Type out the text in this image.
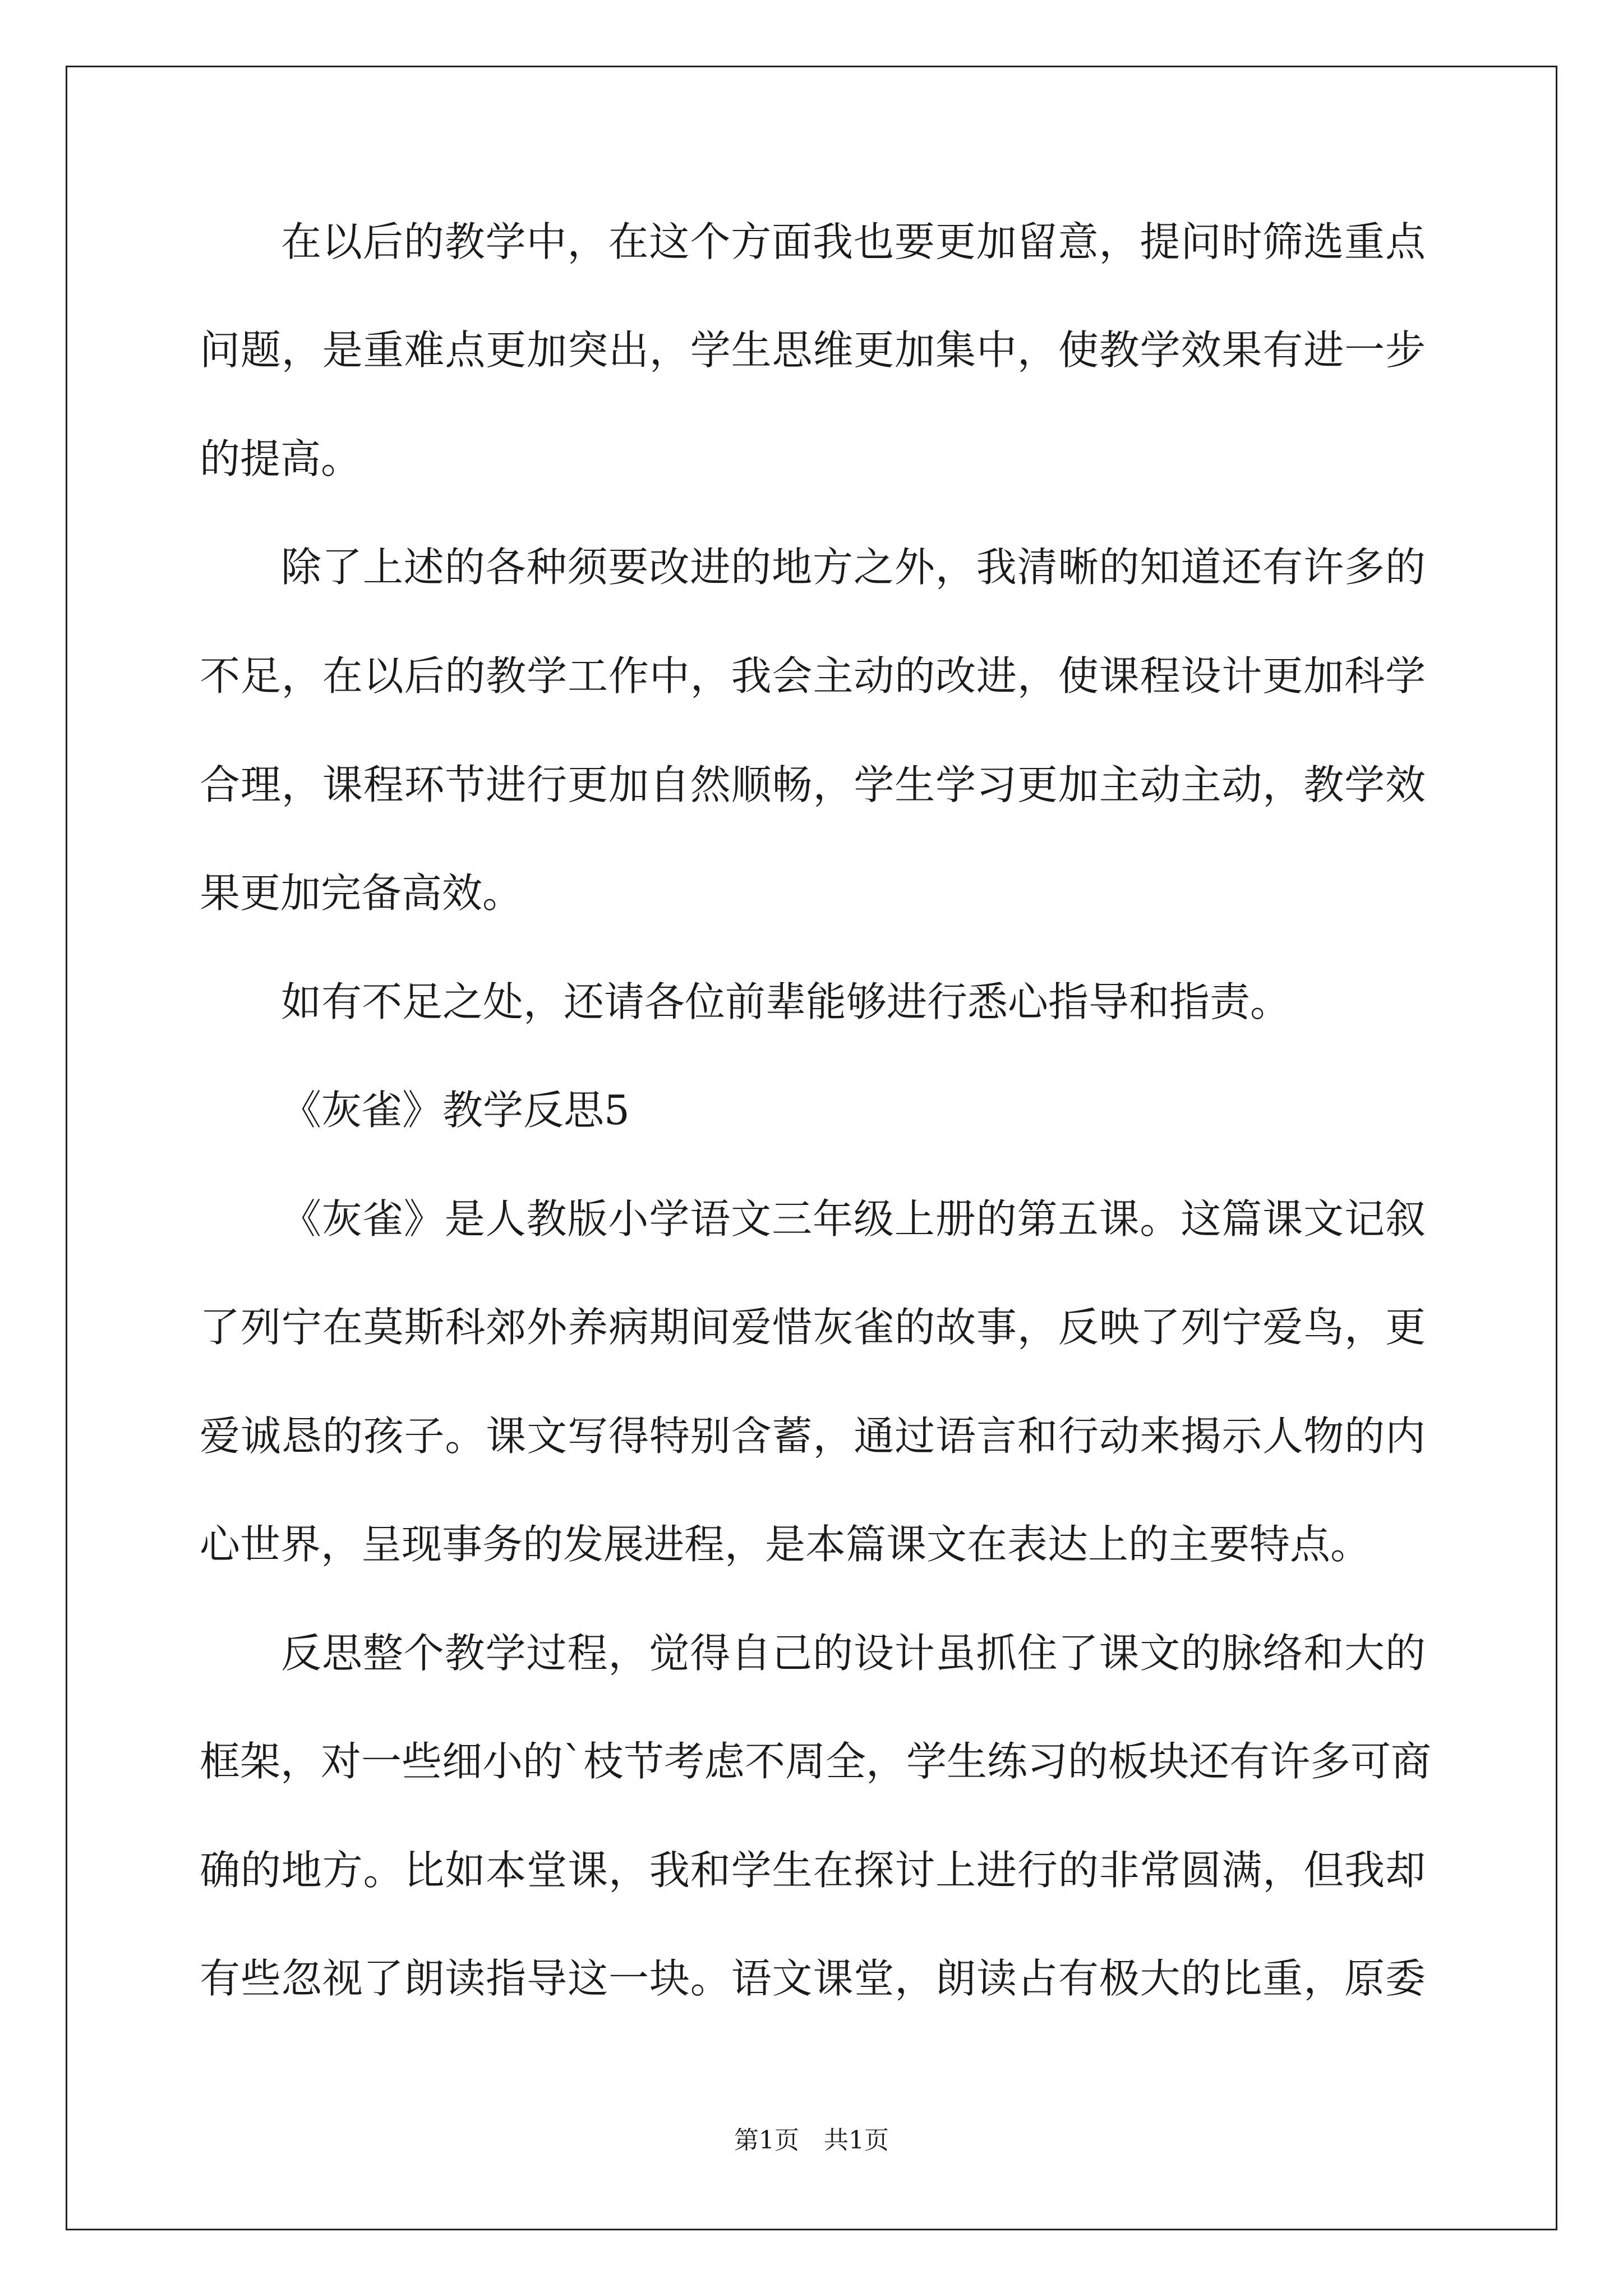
在以后的教学中，在这个方面我也要更加留意，提问时筛选重点
问题，是重难点更加突出，学生思维更加集中，使教学效果有进一步
的提高。
除了上述的各种须要改进的地方之外，我清晰的知道还有许多的
不足，在以后的教学工作中，我会主动的改进，使课程设计更加科学
合理，课程环节进行更加自然顺畅，学生学习更加主动主动，教学效
果更加完备高效。
如有不足之处，还请各位前辈能够进行悉心指导和指责。
《灰雀》教学反思5
《灰雀》是人教版小学语文三年级上册的第五课。这篇课文记叙
了列宁在莫斯科郊外养病期间爱惜灰雀的故事，反映了列宁爱鸟，更
爱诚恳的孩子。课文写得特别含蓄，通过语言和行动来揭示人物的内
心世界，呈现事务的发展进程，是本篇课文在表达上的主要特点。
反思整个教学过程，觉得自己的设计虽抓住了课文的脉络和大的
框架，对一些细小的`枝节考虑不周全，学生练习的板块还有许多可商
确的地方。比如本堂课，我和学生在探讨上进行的非常圆满，但我却
有些忽视了朗读指导这一块。语文课堂，朗读占有极大的比重，原委
第1页 共1页
